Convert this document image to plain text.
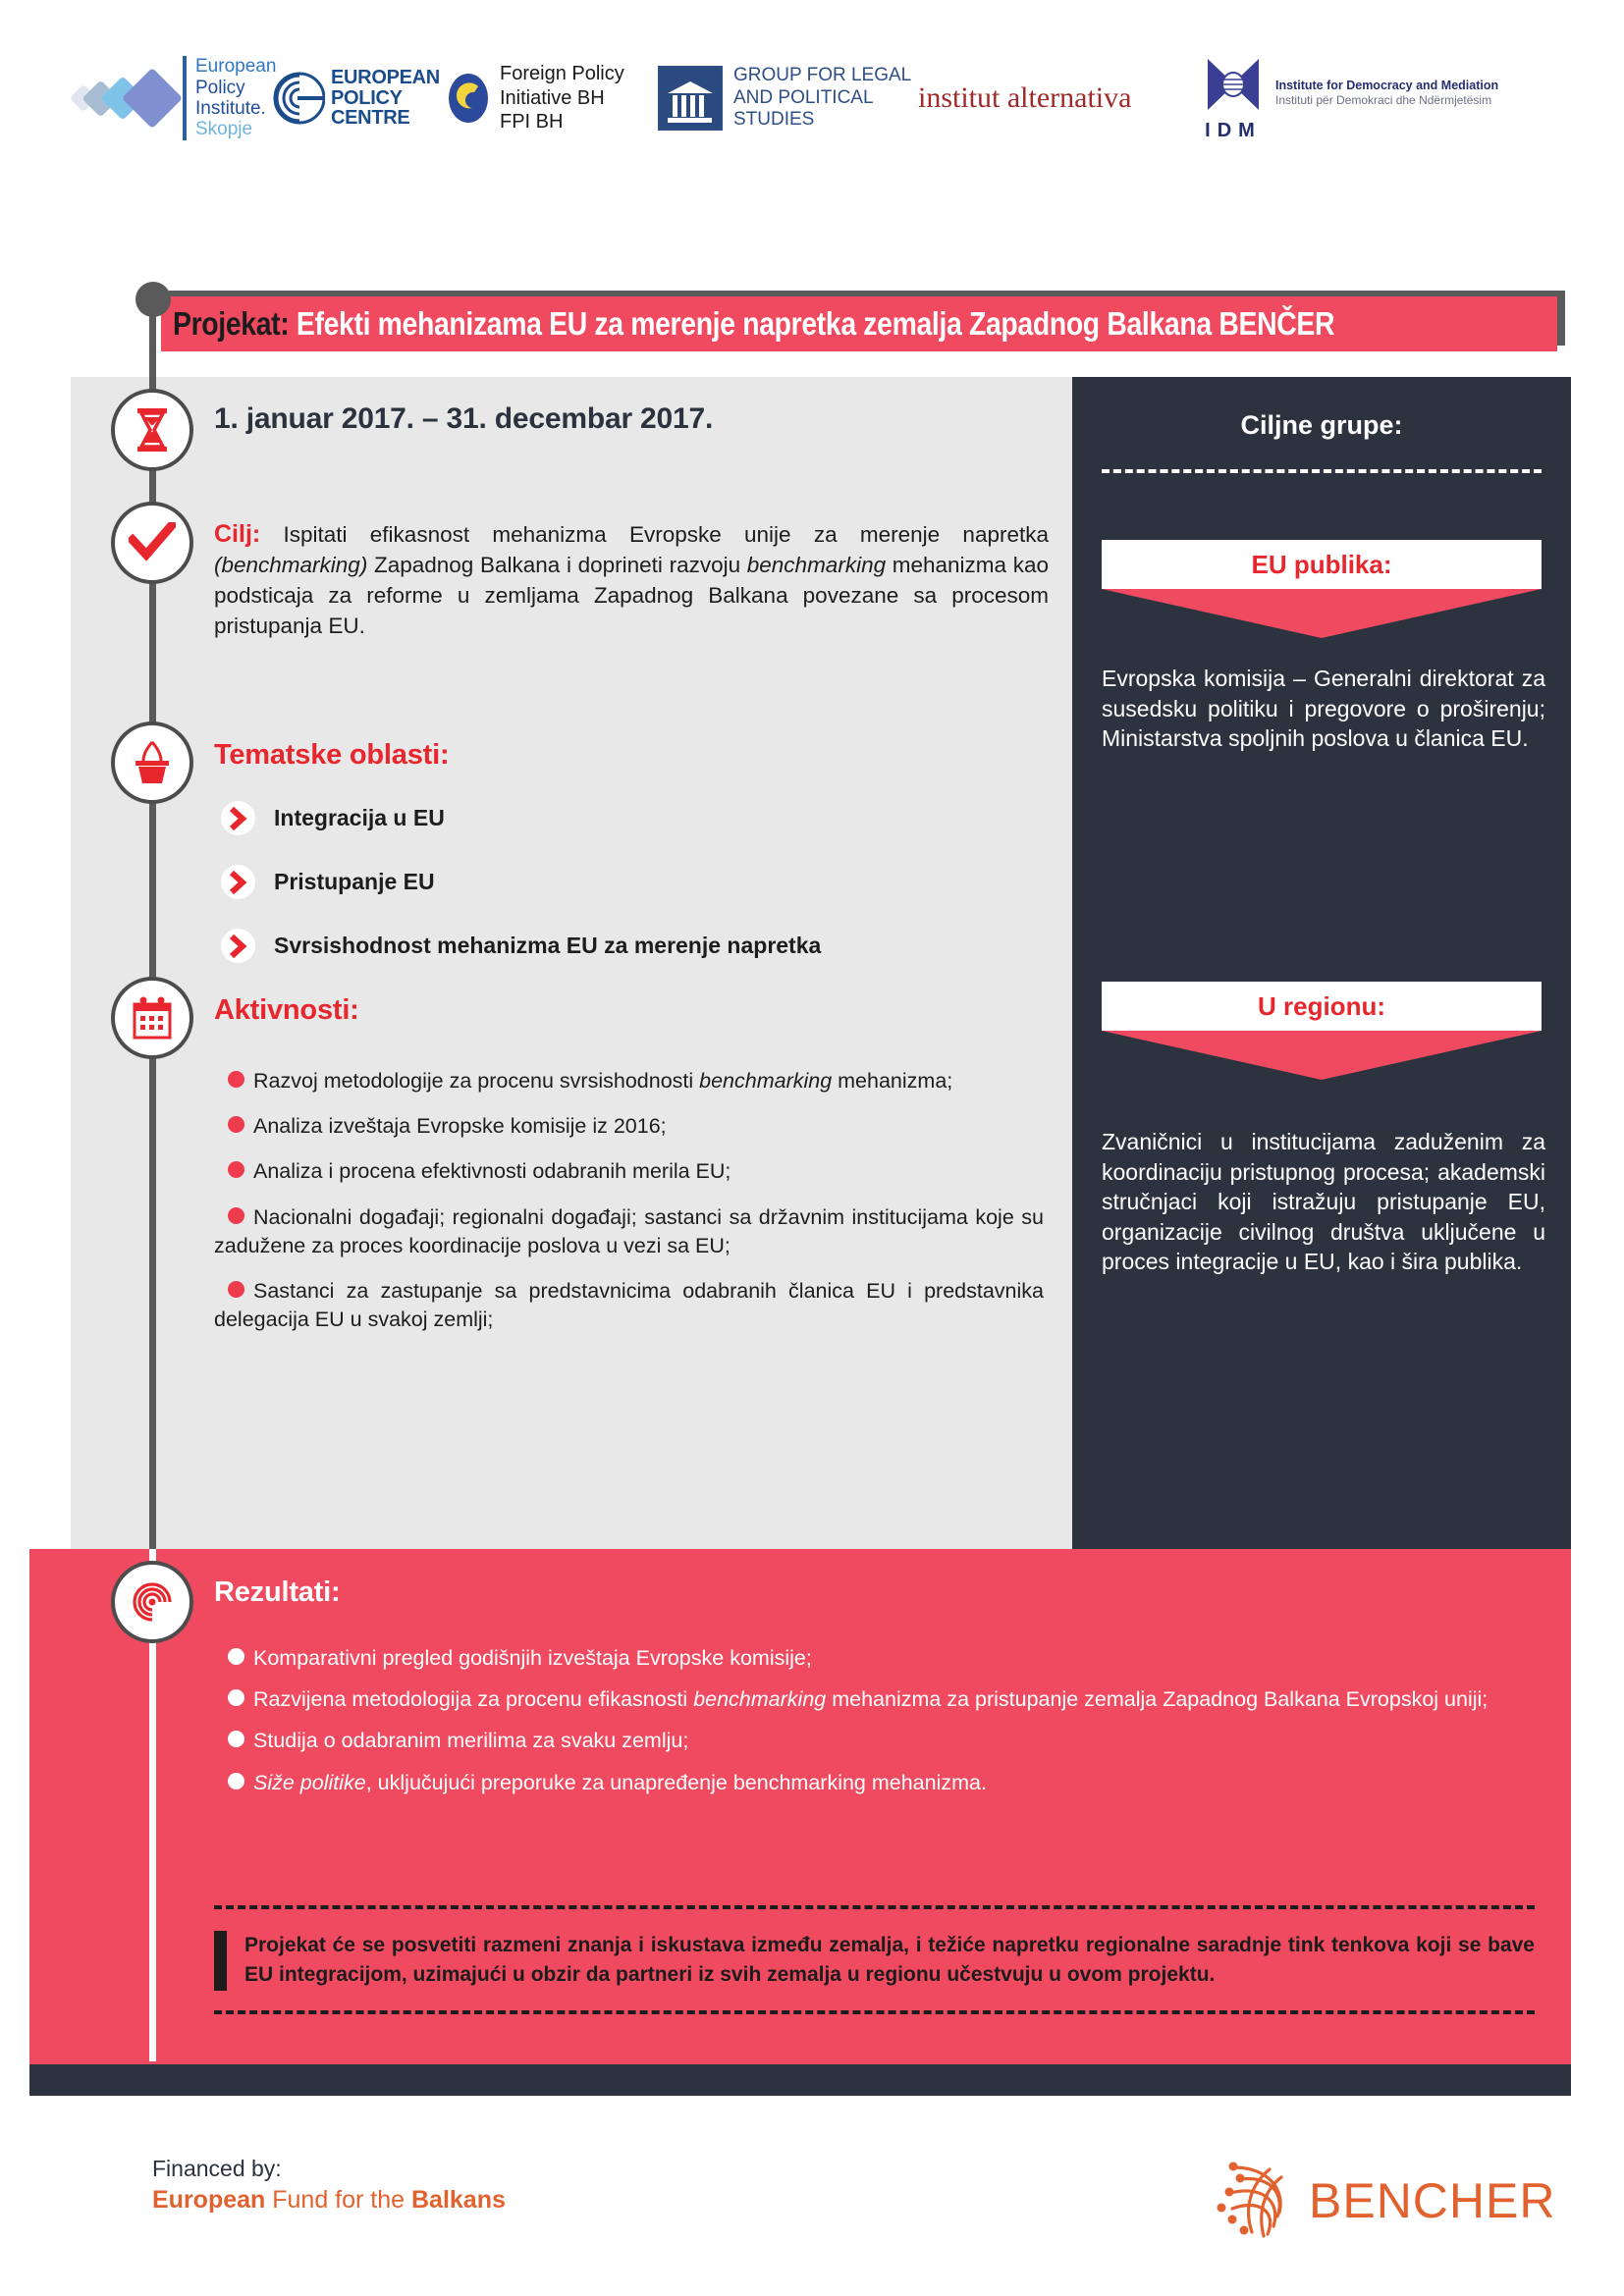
European
Policy
Institute.
Skopje
EUROPEAN
POLICY
CENTRE
Foreign Policy
Initiative BH
FPI BH
GROUP FOR LEGAL
AND POLITICAL
STUDIES
institut alternativa
IDM
Institute for Democracy and Mediation
Instituti për Demokraci dhe Ndërmjetësim
Projekat: Efekti mehanizama EU za merenje napretka zemalja Zapadnog Balkana BENČER
1. januar 2017. – 31. decembar 2017.
Cilj: Ispitati efikasnost mehanizma Evropske unije za merenje napretka (benchmarking) Zapadnog Balkana i doprineti razvoju benchmarking mehanizma kao podsticaja za reforme u zemljama Zapadnog Balkana povezane sa procesom pristupanja EU.
Tematske oblasti:
Integracija u EU
Pristupanje EU
Svrsishodnost mehanizma EU za merenje napretka
Aktivnosti:
Razvoj metodologije za procenu svrsishodnosti benchmarking mehanizma;
Analiza izveštaja Evropske komisije iz 2016;
Analiza i procena efektivnosti odabranih merila EU;
Nacionalni događaji; regionalni događaji; sastanci sa državnim institucijama koje su zadužene za proces koordinacije poslova u vezi sa EU;
Sastanci za zastupanje sa predstavnicima odabranih članica EU i predstavnika delegacija EU u svakoj zemlji;
Ciljne grupe:
EU publika:
Evropska komisija – Generalni direktorat za susedsku politiku i pregovore o proširenju; Ministarstva spoljnih poslova u članica EU.
U regionu:
Zvaničnici u institucijama zaduženim za koordinaciju pristupnog procesa; akademski stručnjaci koji istražuju pristupanje EU, organizacije civilnog društva uključene u proces integracije u EU, kao i šira publika.
Rezultati:
Komparativni pregled godišnjih izveštaja Evropske komisije;
Razvijena metodologija za procenu efikasnosti benchmarking mehanizma za pristupanje zemalja Zapadnog Balkana Evropskoj uniji;
Studija o odabranim merilima za svaku zemlju;
Siže politike, uključujući preporuke za unapređenje benchmarking mehanizma.
Projekat će se posvetiti razmeni znanja i iskustava između zemalja, i težiće napretku regionalne saradnje tink tenkova koji se bave EU integracijom, uzimajući u obzir da partneri iz svih zemalja u regionu učestvuju u ovom projektu.
Financed by:
European Fund for the Balkans	BENCHER
